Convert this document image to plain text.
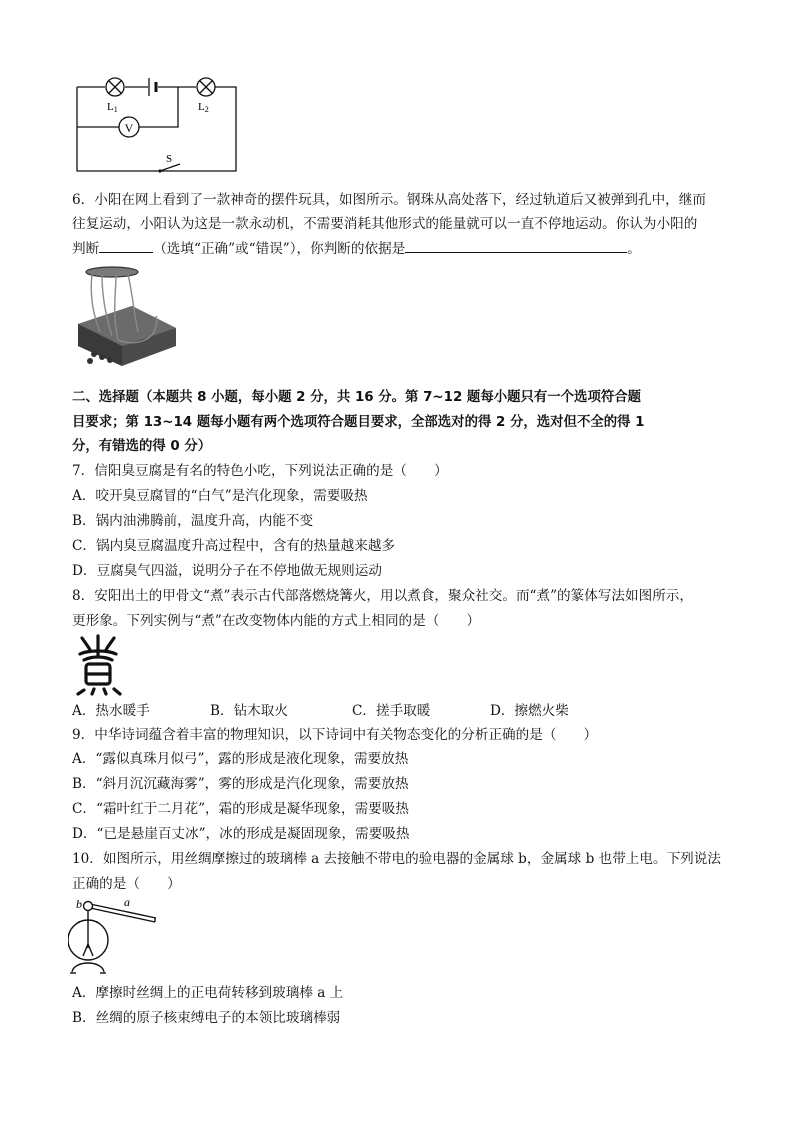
V
L1	L2
S
6．小阳在网上看到了一款神奇的摆件玩具，如图所示。钢珠从高处落下，经过轨道后又被弹到孔中，继而
往复运动，小阳认为这是一款永动机，不需要消耗其他形式的能量就可以一直不停地运动。你认为小阳的
判断	（选填“正确”或“错误”），你判断的依据是	。
二、选择题（本题共 8 小题，每小题 2 分，共 16 分。第 7~12 题每小题只有一个选项符合题
目要求；第 13~14 题每小题有两个选项符合题目要求，全部选对的得 2 分，选对但不全的得 1
分，有错选的得 0 分）
7．信阳臭豆腐是有名的特色小吃，下列说法正确的是（　　）
A．咬开臭豆腐冒的“白气”是汽化现象，需要吸热
B．锅内油沸腾前，温度升高，内能不变
C．锅内臭豆腐温度升高过程中，含有的热量越来越多
D．豆腐臭气四溢，说明分子在不停地做无规则运动
8．安阳出土的甲骨文“煮”表示古代部落燃烧篝火，用以煮食，聚众社交。而“煮”的篆体写法如图所示，
更形象。下列实例与“煮”在改变物体内能的方式上相同的是（　　）
A．热水暖手	B．钻木取火	C．搓手取暖	D．擦燃火柴
9．中华诗词蕴含着丰富的物理知识，以下诗词中有关物态变化的分析正确的是（　　）
A．“露似真珠月似弓”，露的形成是液化现象，需要放热
B．“斜月沉沉藏海雾”，雾的形成是汽化现象，需要放热
C．“霜叶红于二月花”，霜的形成是凝华现象，需要吸热
D．“已是悬崖百丈冰”，冰的形成是凝固现象，需要吸热
10．如图所示，用丝绸摩擦过的玻璃棒 a 去接触不带电的验电器的金属球 b，金属球 b 也带上电。下列说法
正确的是（　　）
b	a
A．摩擦时丝绸上的正电荷转移到玻璃棒 a 上
B．丝绸的原子核束缚电子的本领比玻璃棒弱
